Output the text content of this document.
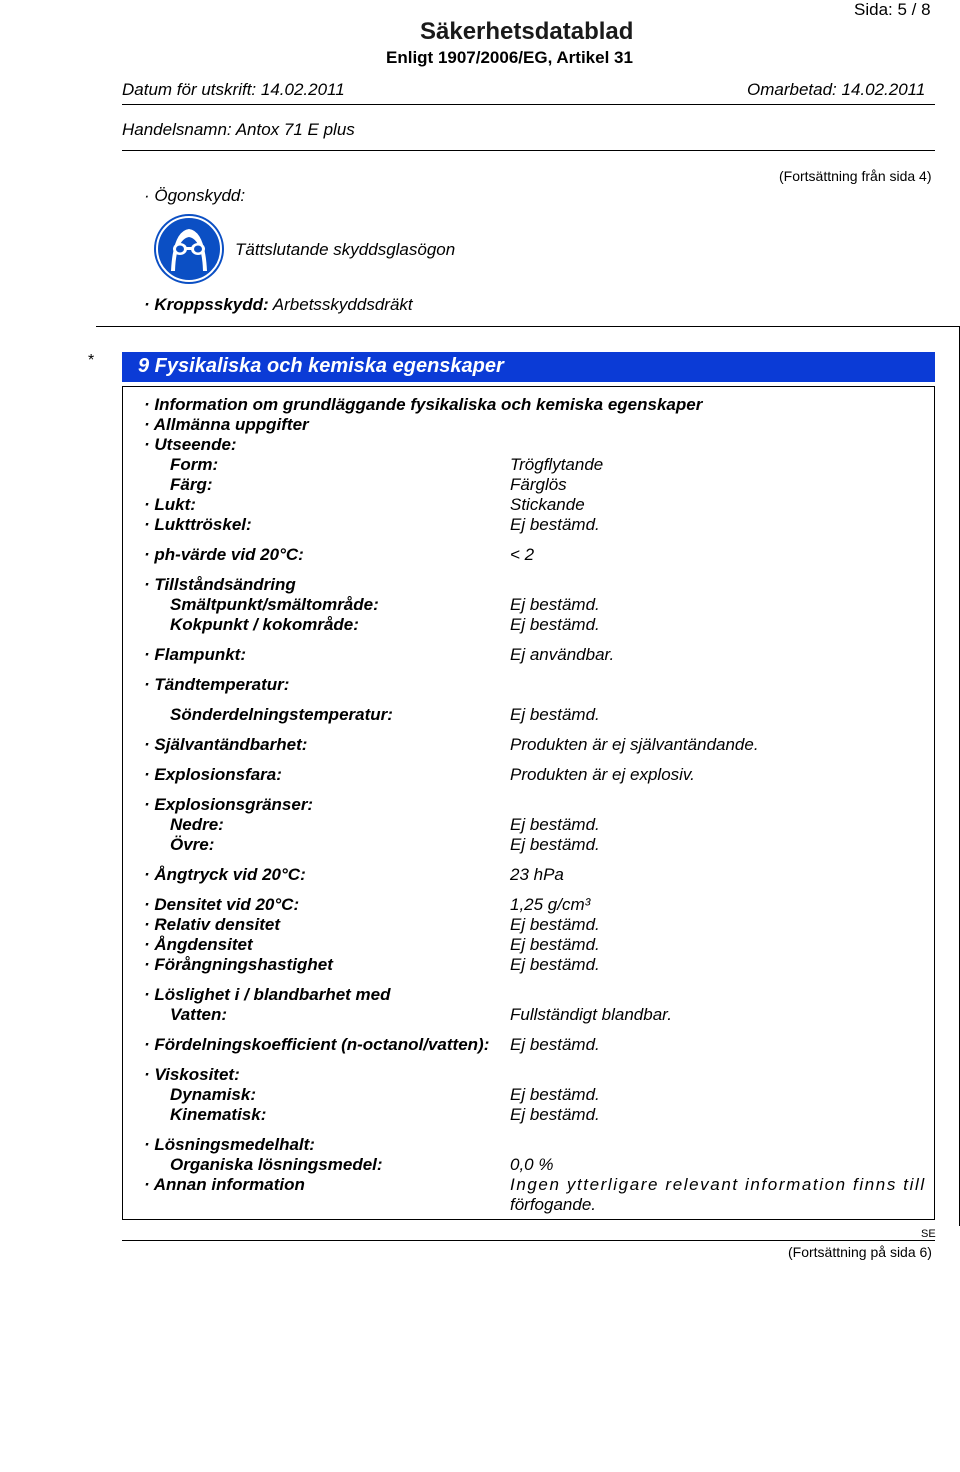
Sida: 5 / 8
Säkerhetsdatablad
Enligt 1907/2006/EG, Artikel 31
Datum för utskrift: 14.02.2011	Omarbetad: 14.02.2011
Handelsnamn: Antox 71 E plus
(Fortsättning från sida 4)
· Ögonskydd:
Tättslutande skyddsglasögon
· Kroppsskydd: Arbetsskyddsdräkt
* 9 Fysikaliska och kemiska egenskaper
· Information om grundläggande fysikaliska och kemiska egenskaper
· Allmänna uppgifter
· Utseende:
Form:	Trögflytande
Färg:	Färglös
· Lukt:	Stickande
· Lukttröskel:	Ej bestämd.
· ph-värde vid 20°C:	< 2
· Tillståndsändring
Smältpunkt/smältområde:	Ej bestämd.
Kokpunkt / kokområde:	Ej bestämd.
· Flampunkt:	Ej användbar.
· Tändtemperatur:
Sönderdelningstemperatur:	Ej bestämd.
· Självantändbarhet:	Produkten är ej självantändande.
· Explosionsfara:	Produkten är ej explosiv.
· Explosionsgränser:
Nedre:	Ej bestämd.
Övre:	Ej bestämd.
· Ångtryck vid 20°C:	23 hPa
· Densitet vid 20°C:	1,25 g/cm³
· Relativ densitet	Ej bestämd.
· Ångdensitet	Ej bestämd.
· Förångningshastighet	Ej bestämd.
· Löslighet i / blandbarhet med
Vatten:	Fullständigt blandbar.
· Fördelningskoefficient (n-octanol/vatten): Ej bestämd.
· Viskositet:
Dynamisk:	Ej bestämd.
Kinematisk:	Ej bestämd.
· Lösningsmedelhalt:
Organiska lösningsmedel:	0,0 %
· Annan information	Ingen ytterligare relevant information finns till
förfogande.
SE
(Fortsättning på sida 6)
